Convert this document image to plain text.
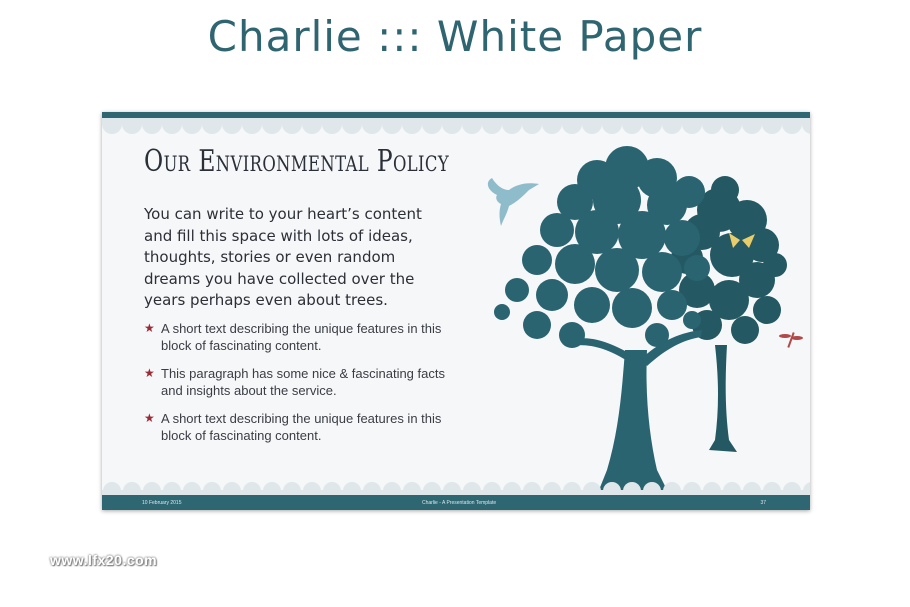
Charlie ::: White Paper
Our Environmental Policy
You can write to your heart’s content and fill this space with lots of ideas, thoughts, stories or even random dreams you have collected over the years perhaps even about trees.
★ A short text describing the unique features in this block of fascinating content.
★ This paragraph has some nice & fascinating facts and insights about the service.
★ A short text describing the unique features in this block of fascinating content.
10 February 2015	Charlie - A Presentation Template	37
www.lfx20.com
